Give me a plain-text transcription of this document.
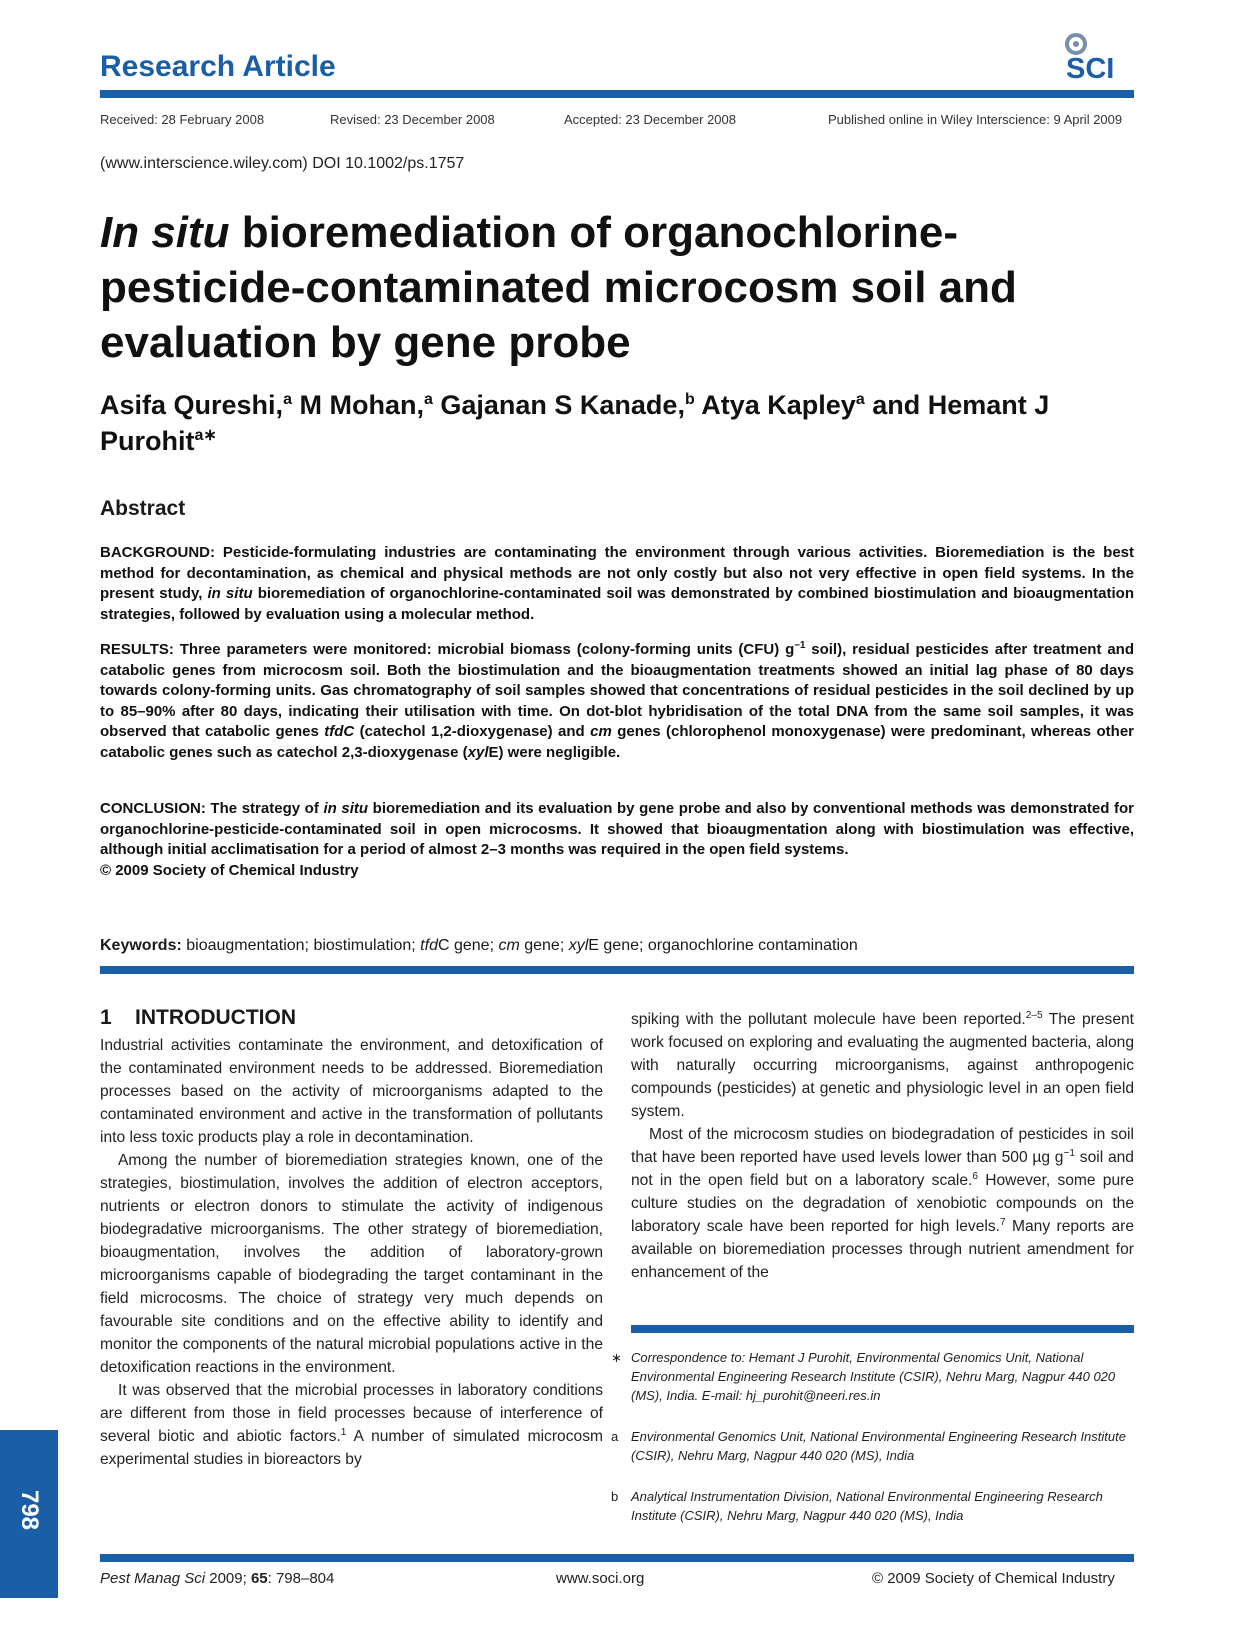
Research Article	SCI
Received: 28 February 2008	Revised: 23 December 2008	Accepted: 23 December 2008	Published online in Wiley Interscience: 9 April 2009
(www.interscience.wiley.com) DOI 10.1002/ps.1757
In situ bioremediation of organochlorine-pesticide-contaminated microcosm soil and evaluation by gene probe
Asifa Qureshi,$^a$ M Mohan,$^a$ Gajanan S Kanade,$^b$ Atya Kapley$^a$ and Hemant J Purohit$^{a∗}$
Abstract
BACKGROUND: Pesticide-formulating industries are contaminating the environment through various activities. Bioremediation is the best method for decontamination, as chemical and physical methods are not only costly but also not very effective in open field systems. In the present study, in situ bioremediation of organochlorine-contaminated soil was demonstrated by combined biostimulation and bioaugmentation strategies, followed by evaluation using a molecular method.
RESULTS: Three parameters were monitored: microbial biomass (colony-forming units (CFU) $g^{-1}$ soil), residual pesticides after treatment and catabolic genes from microcosm soil. Both the biostimulation and the bioaugmentation treatments showed an initial lag phase of 80 days towards colony-forming units. Gas chromatography of soil samples showed that concentrations of residual pesticides in the soil declined by up to 85–90% after 80 days, indicating their utilisation with time. On dot-blot hybridisation of the total DNA from the same soil samples, it was observed that catabolic genes tfdC (catechol 1,2-dioxygenase) and cm genes (chlorophenol monoxygenase) were predominant, whereas other catabolic genes such as catechol 2,3-dioxygenase (xylE) were negligible.
CONCLUSION: The strategy of in situ bioremediation and its evaluation by gene probe and also by conventional methods was demonstrated for organochlorine-pesticide-contaminated soil in open microcosms. It showed that bioaugmentation along with biostimulation was effective, although initial acclimatisation for a period of almost 2–3 months was required in the open field systems.
© 2009 Society of Chemical Industry
Keywords: bioaugmentation; biostimulation; tfdC gene; cm gene; xylE gene; organochlorine contamination
1    INTRODUCTION

Industrial activities contaminate the environment, and detoxification of the contaminated environment needs to be addressed. Bioremediation processes based on the activity of microorganisms adapted to the contaminated environment and active in the transformation of pollutants into less toxic products play a role in decontamination.

Among the number of bioremediation strategies known, one of the strategies, biostimulation, involves the addition of electron acceptors, nutrients or electron donors to stimulate the activity of indigenous biodegradative microorganisms. The other strategy of bioremediation, bioaugmentation, involves the addition of laboratory-grown microorganisms capable of biodegrading the target contaminant in the field microcosms. The choice of strategy very much depends on favourable site conditions and on the effective ability to identify and monitor the components of the natural microbial populations active in the detoxification reactions in the environment.

It was observed that the microbial processes in laboratory conditions are different from those in field processes because of interference of several biotic and abiotic factors.$^1$ A number of simulated microcosm experimental studies in bioreactors by

spiking with the pollutant molecule have been reported.$^{2-5}$ The present work focused on exploring and evaluating the augmented bacteria, along with naturally occurring microorganisms, against anthropogenic compounds (pesticides) at genetic and physiologic level in an open field system.

Most of the microcosm studies on biodegradation of pesticides in soil that have been reported have used levels lower than 500 µg $g^{-1}$ soil and not in the open field but on a laboratory scale.$^6$ However, some pure culture studies on the degradation of xenobiotic compounds on the laboratory scale have been reported for high levels.$^7$ Many reports are available on bioremediation processes through nutrient amendment for enhancement of the

∗ Correspondence to: Hemant J Purohit, Environmental Genomics Unit, National Environmental Engineering Research Institute (CSIR), Nehru Marg, Nagpur 440 020 (MS), India. E-mail: hj_purohit@neeri.res.in
a Environmental Genomics Unit, National Environmental Engineering Research Institute (CSIR), Nehru Marg, Nagpur 440 020 (MS), India
b Analytical Instrumentation Division, National Environmental Engineering Research Institute (CSIR), Nehru Marg, Nagpur 440 020 (MS), India
798
Pest Manag Sci 2009; 65: 798–804	www.soci.org	© 2009 Society of Chemical Industry
